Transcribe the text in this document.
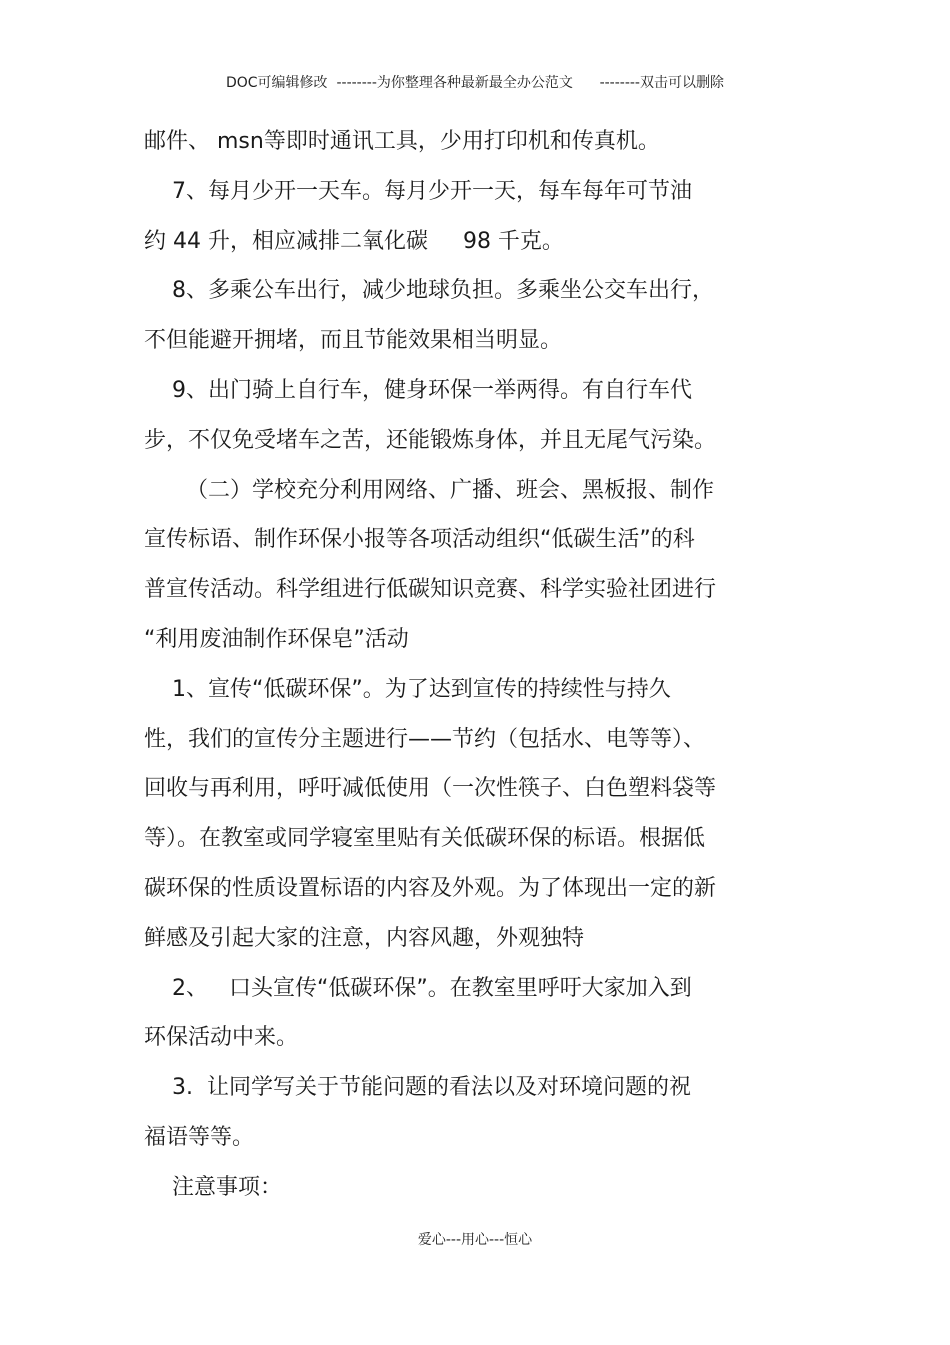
DOC可编辑修改  --------为你整理各种最新最全办公范文      --------双击可以删除
邮件、 msn等即时通讯工具，少用打印机和传真机。
7、每月少开一天车。每月少开一天，每车每年可节油
约 44 升，相应减排二氧化碳     98 千克。
8、多乘公车出行，减少地球负担。多乘坐公交车出行，
不但能避开拥堵，而且节能效果相当明显。
9、出门骑上自行车，健身环保一举两得。有自行车代
步，不仅免受堵车之苦，还能锻炼身体，并且无尾气污染。
（二）学校充分利用网络、广播、班会、黑板报、制作
宣传标语、制作环保小报等各项活动组织“低碳生活”的科
普宣传活动。科学组进行低碳知识竞赛、科学实验社团进行
“利用废油制作环保皂”活动
1、宣传“低碳环保”。为了达到宣传的持续性与持久
性，我们的宣传分主题进行——节约（包括水、电等等）、
回收与再利用，呼吁减低使用（一次性筷子、白色塑料袋等
等）。在教室或同学寝室里贴有关低碳环保的标语。根据低
碳环保的性质设置标语的内容及外观。为了体现出一定的新
鲜感及引起大家的注意，内容风趣，外观独特
2、   口头宣传“低碳环保”。在教室里呼吁大家加入到
环保活动中来。
3.  让同学写关于节能问题的看法以及对环境问题的祝
福语等等。
注意事项：
爱心---用心---恒心
